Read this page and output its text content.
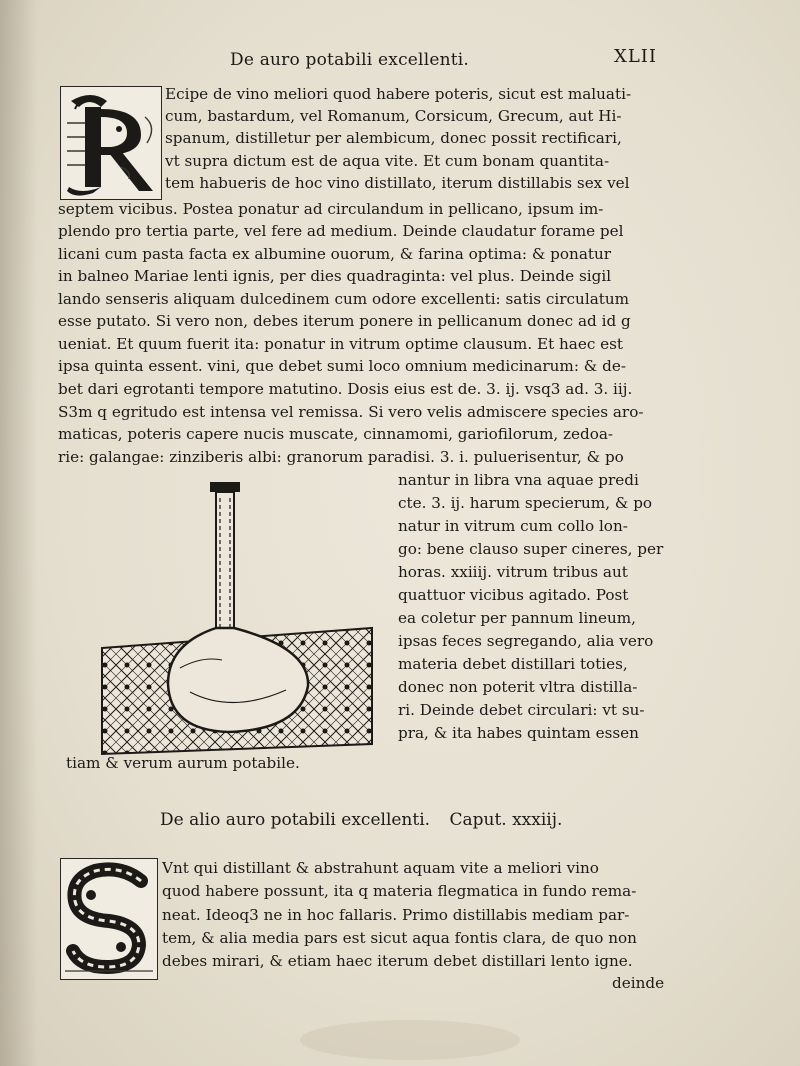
De auro potabili excellenti.	XLII
Ecipe de vino meliori quod habere poteris, sicut est maluati-
cum, bastardum, vel Romanum, Corsicum, Grecum, aut Hi-
spanum, distilletur per alembicum, donec possit rectificari,
vt supra dictum est de aqua vite. Et cum bonam quantita-
tem habueris de hoc vino distillato, iterum distillabis sex vel
septem vicibus. Postea ponatur ad circulandum in pellicano, ipsum im-
plendo pro tertia parte, vel fere ad medium. Deinde claudatur forame pel
licani cum pasta facta ex albumine ouorum, & farina optima: & ponatur
in balneo Mariae lenti ignis, per dies quadraginta: vel plus. Deinde sigil
lando senseris aliquam dulcedinem cum odore excellenti: satis circulatum
esse putato. Si vero non, debes iterum ponere in pellicanum donec ad id g
ueniat. Et quum fuerit ita: ponatur in vitrum optime clausum. Et haec est
ipsa quinta essent. vini, que debet sumi loco omnium medicinarum: & de-
bet dari egrotanti tempore matutino. Dosis eius est de. 3. ij. vsq3 ad. 3. iij.
S3m q egritudo est intensa vel remissa. Si vero velis admiscere species aro-
maticas, poteris capere nucis muscate, cinnamomi, gariofilorum, zedoa-
rie: galangae: zinziberis albi: granorum paradisi. 3. i. puluerisentur, & po
nantur in libra vna aquae predi
cte. 3. ij. harum specierum, & po
natur in vitrum cum collo lon-
go: bene clauso super cineres, per
horas. xxiiij. vitrum tribus aut
quattuor vicibus agitado. Post
ea coletur per pannum lineum,
ipsas feces segregando, alia vero
materia debet distillari toties,
donec non poterit vltra distilla-
ri. Deinde debet circulari: vt su-
pra, & ita habes quintam essen
tiam & verum aurum potabile.
De alio auro potabili excellenti. Caput. xxxiij.
Vnt qui distillant & abstrahunt aquam vite a meliori vino
quod habere possunt, ita q materia flegmatica in fundo rema-
neat. Ideoq3 ne in hoc fallaris. Primo distillabis mediam par-
tem, & alia media pars est sicut aqua fontis clara, de quo non
debes mirari, & etiam haec iterum debet distillari lento igne.
deinde
